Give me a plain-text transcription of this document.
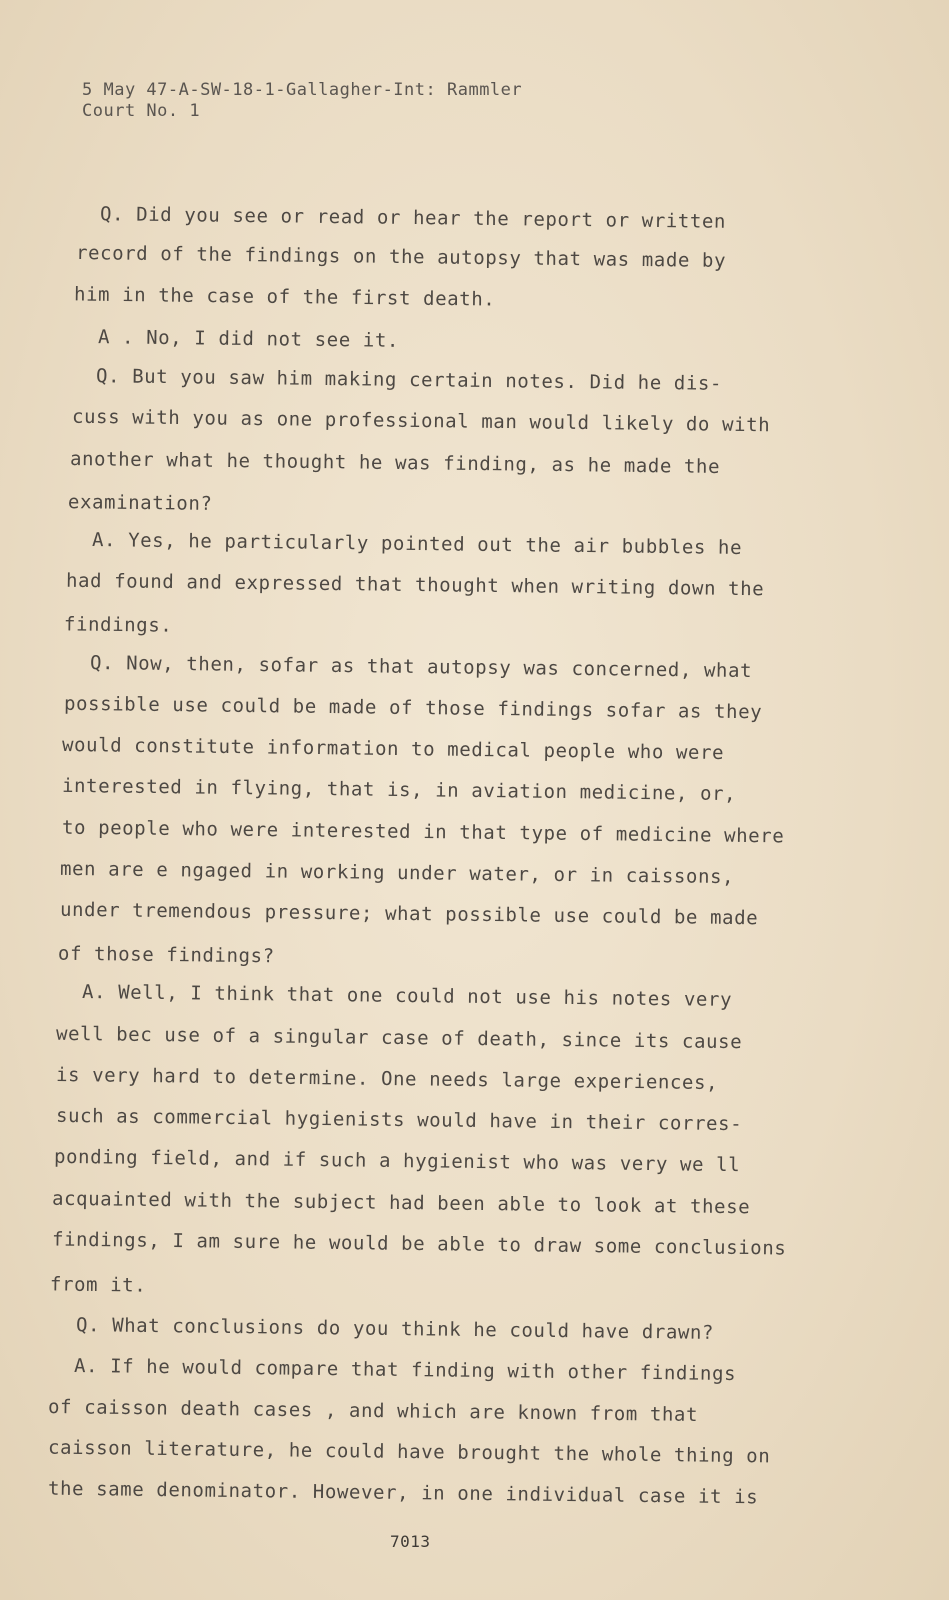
5 May 47-A-SW-18-1-Gallagher-Int: Rammler
Court No. 1
Q. Did you see or read or hear the report or written
record of the findings on the autopsy that was made by
him in the case of the first death.
A . No, I did not see it.
Q. But you saw him making certain notes. Did he dis-
cuss with you as one professional man would likely do with
another what he thought he was finding, as he made the
examination?
A. Yes, he particularly pointed out the air bubbles he
had found and expressed that thought when writing down the
findings.
Q. Now, then, sofar as that autopsy was concerned, what
possible use could be made of those findings sofar as they
would constitute information to medical people who were
interested in flying, that is, in aviation medicine, or,
to people who were interested in that type of medicine where
men are e ngaged in working under water, or in caissons,
under tremendous pressure; what possible use could be made
of those findings?
A. Well, I think that one could not use his notes very
well bec use of a singular case of death, since its cause
is very hard to determine. One needs large experiences,
such as commercial hygienists would have in their corres-
ponding field, and if such a hygienist who was very we ll
acquainted with the subject had been able to look at these
findings, I am sure he would be able to draw some conclusions
from it.
Q. What conclusions do you think he could have drawn?
A. If he would compare that finding with other findings
of caisson death cases , and which are known from that
caisson literature, he could have brought the whole thing on
the same denominator. However, in one individual case it is
7013
